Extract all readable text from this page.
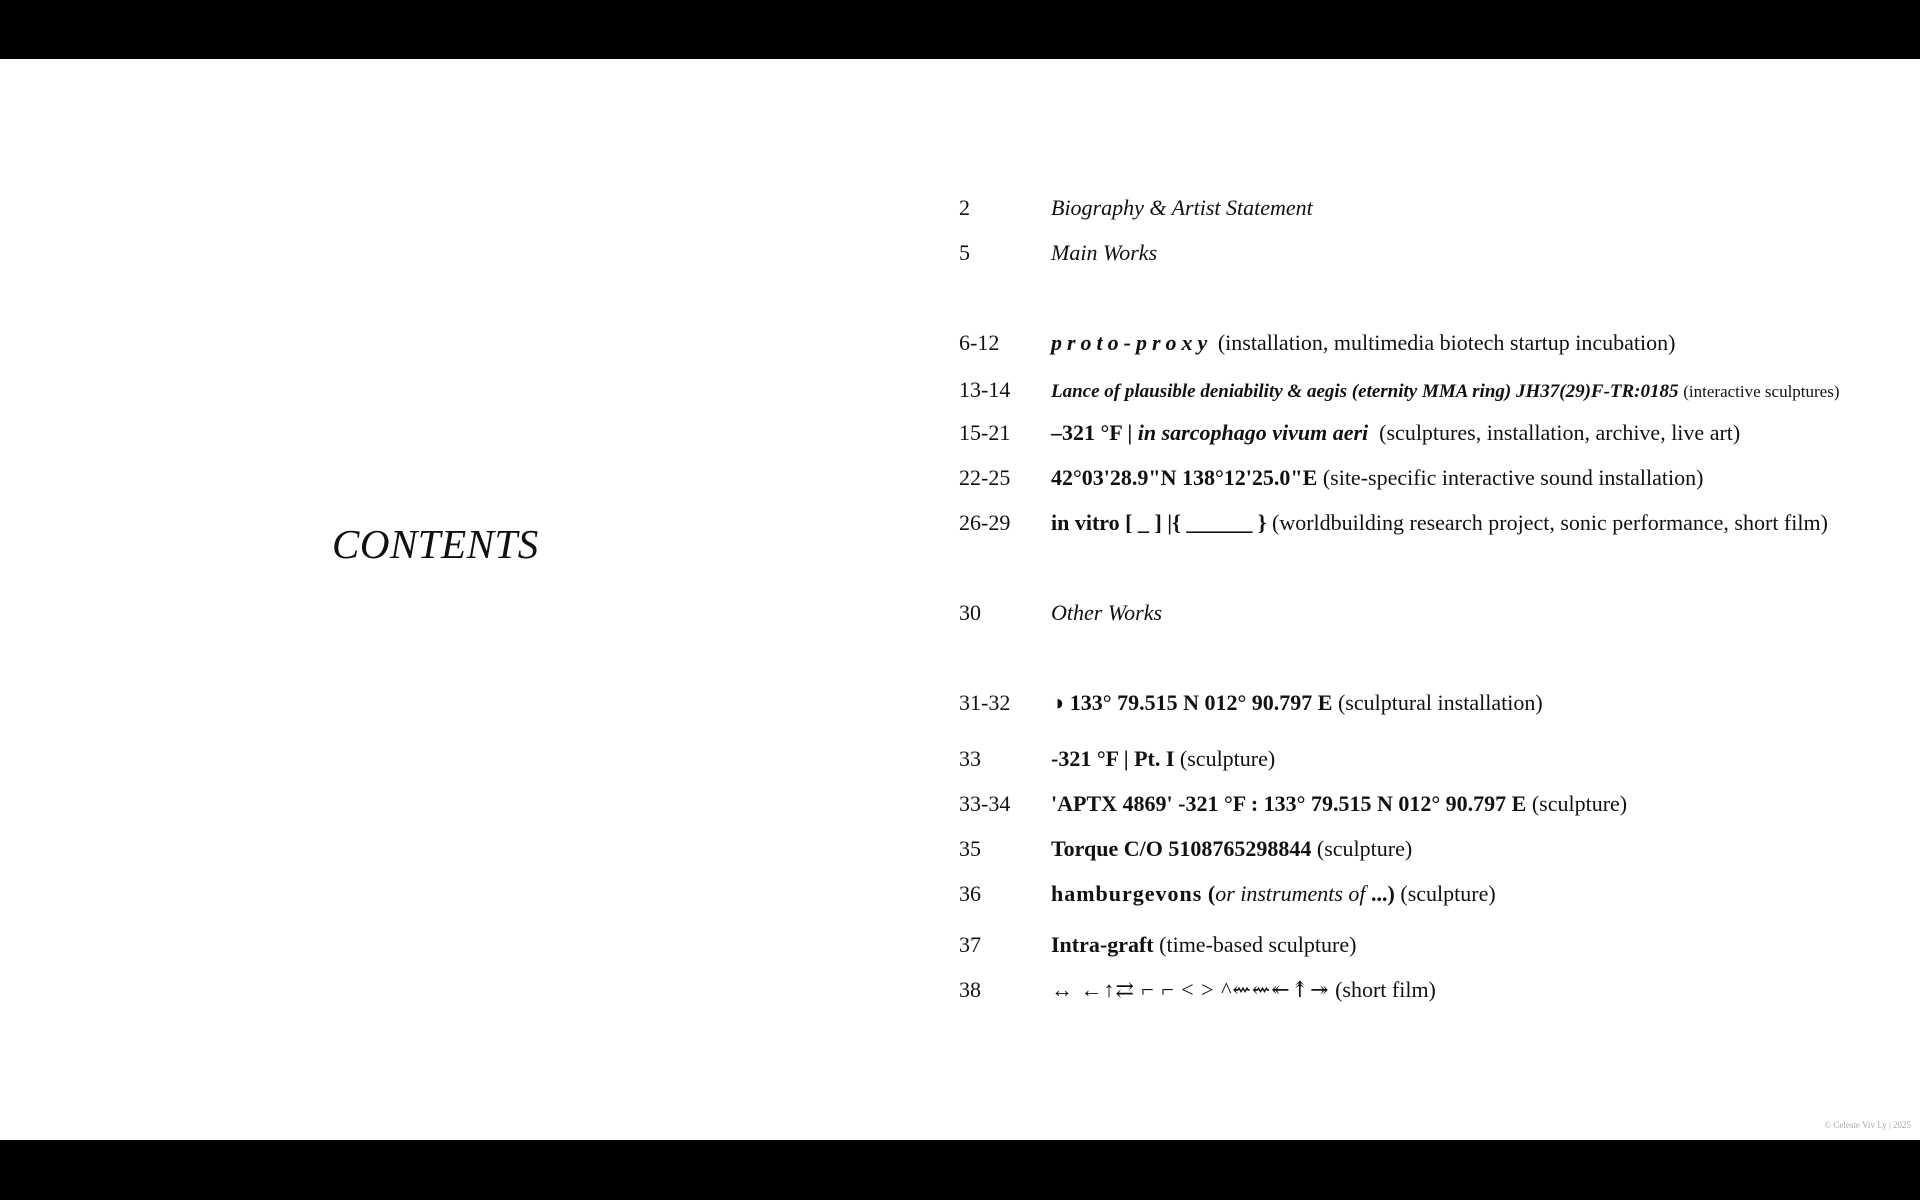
CONTENTS
2	Biography & Artist Statement
5	Main Works
6-12	proto-proxy (installation, multimedia biotech startup incubation)
13-14	Lance of plausible deniability & aegis (eternity MMA ring) JH37(29)F-TR:0185 (interactive sculptures)
15-21	–321 °F | in sarcophago vivum aeri (sculptures, installation, archive, live art)
22-25	42°03'28.9"N 138°12'25.0"E (site-specific interactive sound installation)
26-29	in vitro [ _ ] |{ ______ } (worldbuilding research project, sonic performance, short film)
30	Other Works
31-32	◑ 133° 79.515 N 012° 90.797 E (sculptural installation)
33	-321 °F | Pt. I (sculpture)
33-34	'APTX 4869' -321 °F : 133° 79.515 N 012° 90.797 E (sculpture)
35	Torque C/O 5108765298844 (sculpture)
36	hamburgevons (or instruments of ...) (sculpture)
37	Intra-graft (time-based sculpture)
38	↔ ←↑⇄ ⌐ ⌐ ˂ ˃ ^⇜⇜↞↟↠ (short film)
© Celeste Viv Ly | 2025
